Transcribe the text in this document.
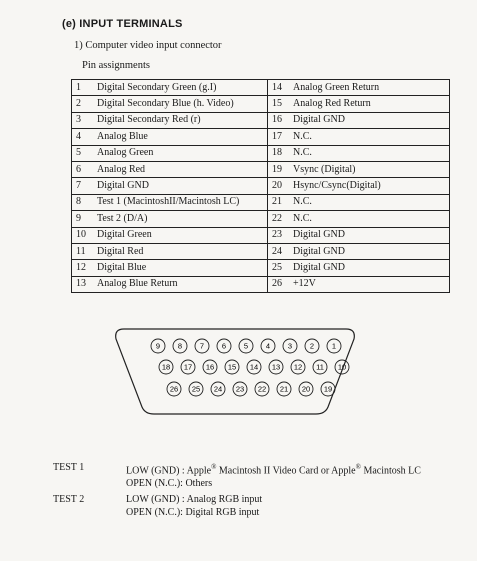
(e) INPUT TERMINALS
1) Computer video input connector
Pin assignments
1	Digital Secondary Green (g.I)	14	Analog Green Return
2	Digital Secondary Blue (h. Video)	15	Analog Red Return
3	Digital Secondary Red (r)	16	Digital GND
4	Analog Blue	17	N.C.
5	Analog Green	18	N.C.
6	Analog Red	19	Vsync (Digital)
7	Digital GND	20	Hsync/Csync(Digital)
8	Test 1 (MacintoshII/Macintosh LC)	21	N.C.
9	Test 2 (D/A)	22	N.C.
10	Digital Green	23	Digital GND
11	Digital Red	24	Digital GND
12	Digital Blue	25	Digital GND
13	Analog Blue Return	26	+12V
9 8 7 6 5 4 3 2 1
18 17 16 15 14 13 12 11 10
26 25 24 23 22 21 20 19
TEST 1	LOW (GND) : Apple® Macintosh II Video Card or Apple® Macintosh LC
OPEN (N.C.): Others
TEST 2	LOW (GND) : Analog RGB input
OPEN (N.C.): Digital RGB input
